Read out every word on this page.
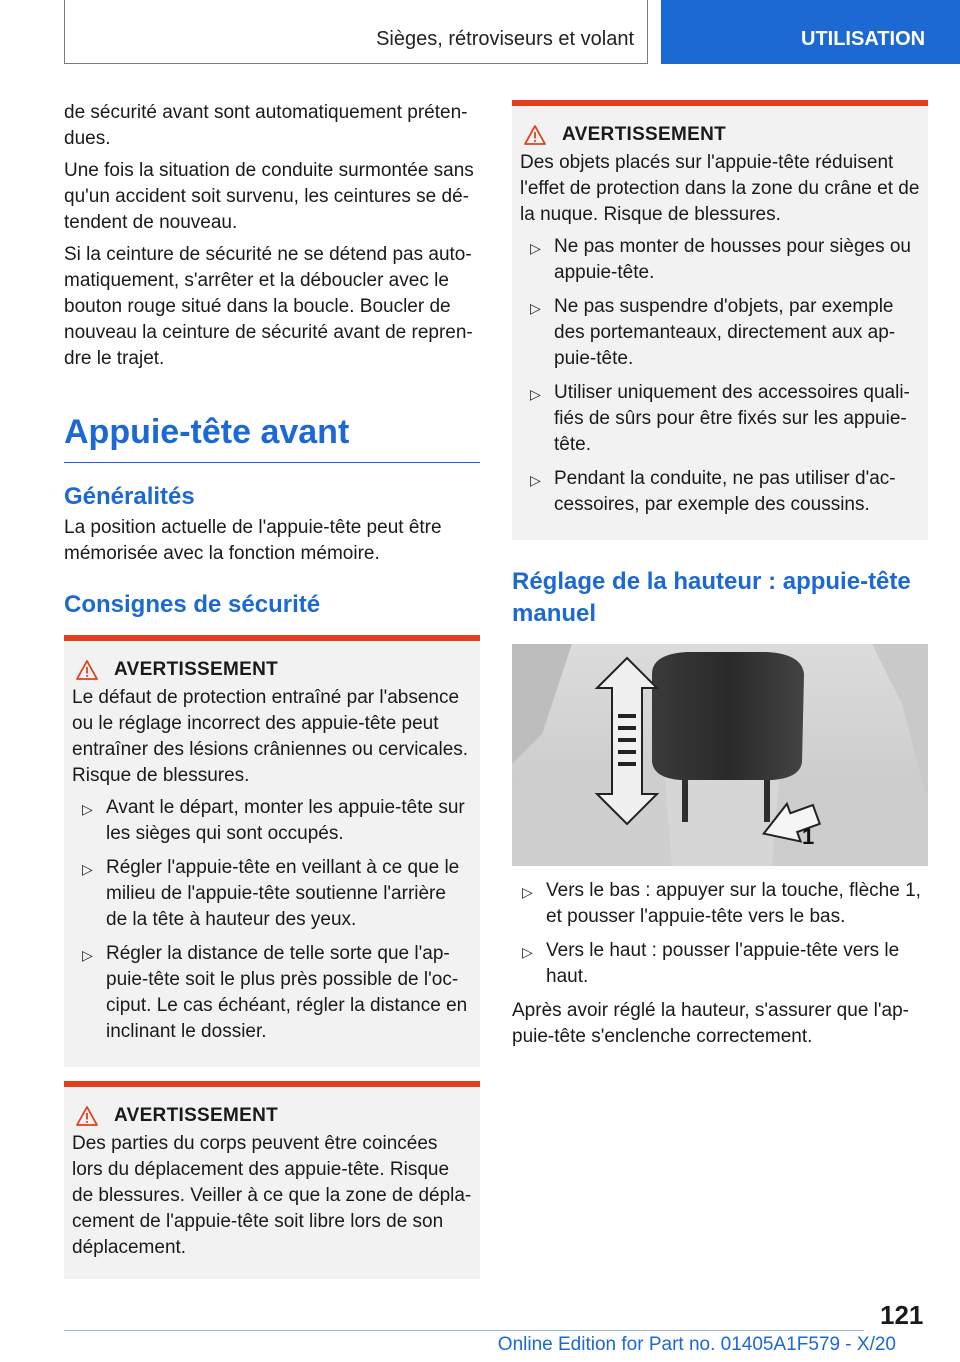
Sièges, rétroviseurs et volant	UTILISATION

de sécurité avant sont automatiquement préten-dues.

Une fois la situation de conduite surmontée sans qu'un accident soit survenu, les ceintures se dé-tendent de nouveau.

Si la ceinture de sécurité ne se détend pas auto-matiquement, s'arrêter et la déboucler avec le bouton rouge situé dans la boucle. Boucler de nouveau la ceinture de sécurité avant de repren-dre le trajet.

Appuie-tête avant
Généralités

La position actuelle de l'appuie-tête peut être mémorisée avec la fonction mémoire.

Consignes de sécurité
AVERTISSEMENT

Le défaut de protection entraîné par l'absence ou le réglage incorrect des appuie-tête peut entraîner des lésions crâniennes ou cervicales. Risque de blessures.

▷ Avant le départ, monter les appuie-tête sur les sièges qui sont occupés.
▷ Régler l'appuie-tête en veillant à ce que le milieu de l'appuie-tête soutienne l'arrière de la tête à hauteur des yeux.
▷ Régler la distance de telle sorte que l'ap-puie-tête soit le plus près possible de l'oc-ciput. Le cas échéant, régler la distance en inclinant le dossier.
AVERTISSEMENT

Des parties du corps peuvent être coincées lors du déplacement des appuie-tête. Risque de blessures. Veiller à ce que la zone de dépla-cement de l'appuie-tête soit libre lors de son déplacement.

AVERTISSEMENT

Des objets placés sur l'appuie-tête réduisent l'effet de protection dans la zone du crâne et de la nuque. Risque de blessures.

▷ Ne pas monter de housses pour sièges ou appuie-tête.
▷ Ne pas suspendre d'objets, par exemple des portemanteaux, directement aux ap-puie-tête.
▷ Utiliser uniquement des accessoires quali-fiés de sûrs pour être fixés sur les appuie-tête.
▷ Pendant la conduite, ne pas utiliser d'ac-cessoires, par exemple des coussins.
Réglage de la hauteur : appuie-tête manuel
1
▷ Vers le bas : appuyer sur la touche, flèche 1, et pousser l'appuie-tête vers le bas.
▷ Vers le haut : pousser l'appuie-tête vers le haut.

Après avoir réglé la hauteur, s'assurer que l'ap-puie-tête s'enclenche correctement.

121
Online Edition for Part no. 01405A1F579 - X/20
